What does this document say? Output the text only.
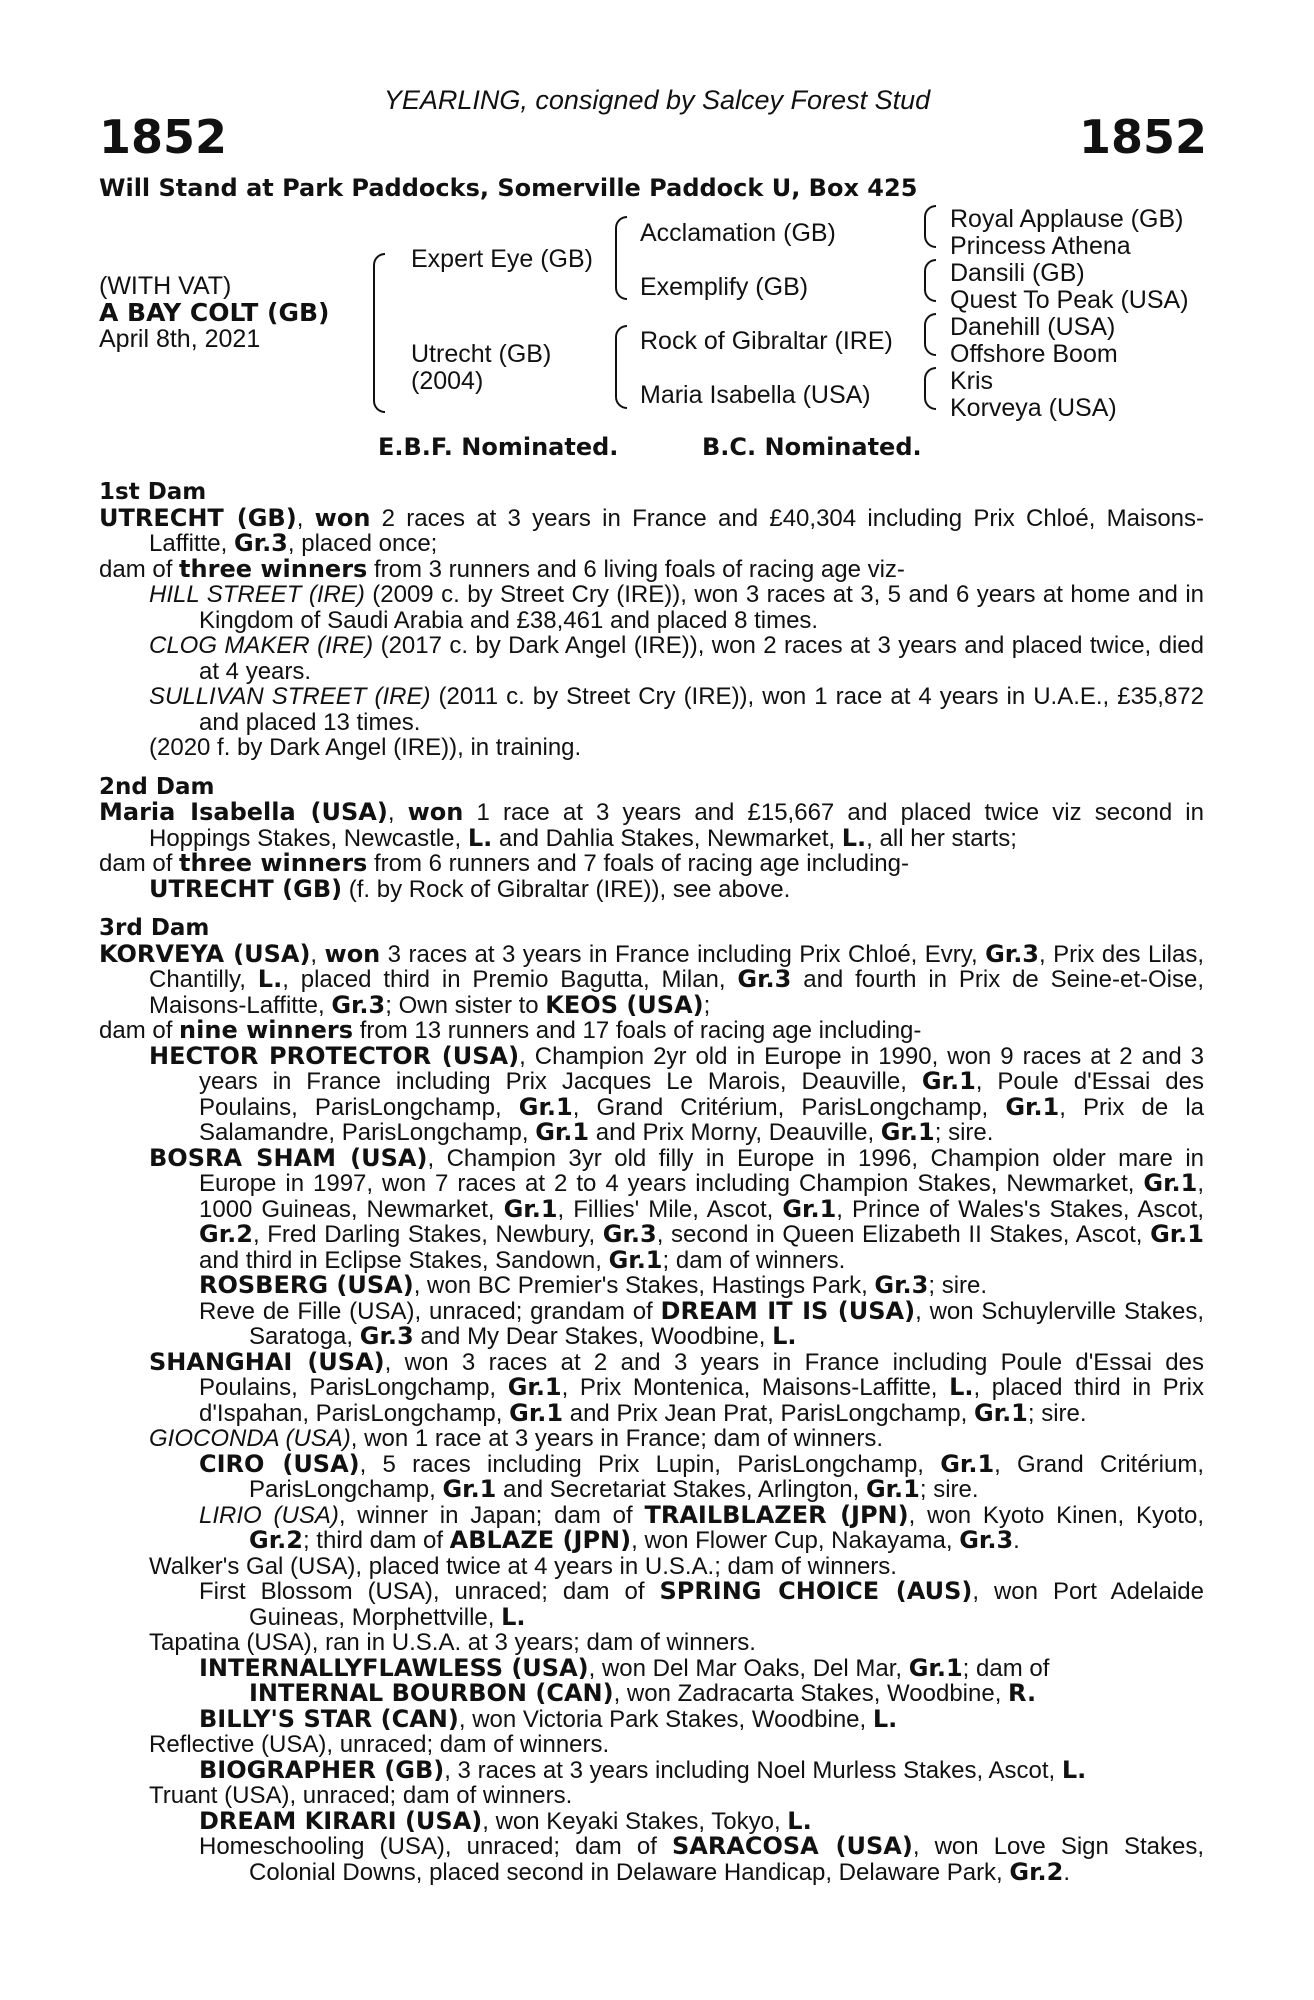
YEARLING, consigned by Salcey Forest Stud
1852	1852
Will Stand at Park Paddocks, Somerville Paddock U, Box 425
(WITH VAT)
A BAY COLT (GB)
April 8th, 2021
Expert Eye (GB)
Utrecht (GB)
(2004)
Acclamation (GB)
Exemplify (GB)
Rock of Gibraltar (IRE)
Maria Isabella (USA)
Royal Applause (GB)
Princess Athena
Dansili (GB)
Quest To Peak (USA)
Danehill (USA)
Offshore Boom
Kris
Korveya (USA)
E.B.F. Nominated.	B.C. Nominated.
1st Dam

UTRECHT (GB), won 2 races at 3 years in France and £40,304 including Prix Chloé, Maisons-Laffitte, Gr.3, placed once;

dam of three winners from 3 runners and 6 living foals of racing age viz-

HILL STREET (IRE) (2009 c. by Street Cry (IRE)), won 3 races at 3, 5 and 6 years at home and in Kingdom of Saudi Arabia and £38,461 and placed 8 times.

CLOG MAKER (IRE) (2017 c. by Dark Angel (IRE)), won 2 races at 3 years and placed twice, died at 4 years.

SULLIVAN STREET (IRE) (2011 c. by Street Cry (IRE)), won 1 race at 4 years in U.A.E., £35,872 and placed 13 times.

(2020 f. by Dark Angel (IRE)), in training.

2nd Dam

Maria Isabella (USA), won 1 race at 3 years and £15,667 and placed twice viz second in Hoppings Stakes, Newcastle, L. and Dahlia Stakes, Newmarket, L., all her starts;

dam of three winners from 6 runners and 7 foals of racing age including-

UTRECHT (GB) (f. by Rock of Gibraltar (IRE)), see above.

3rd Dam

KORVEYA (USA), won 3 races at 3 years in France including Prix Chloé, Evry, Gr.3, Prix des Lilas, Chantilly, L., placed third in Premio Bagutta, Milan, Gr.3 and fourth in Prix de Seine-et-Oise, Maisons-Laffitte, Gr.3; Own sister to KEOS (USA);

dam of nine winners from 13 runners and 17 foals of racing age including-

HECTOR PROTECTOR (USA), Champion 2yr old in Europe in 1990, won 9 races at 2 and 3 years in France including Prix Jacques Le Marois, Deauville, Gr.1, Poule d'Essai des Poulains, ParisLongchamp, Gr.1, Grand Critérium, ParisLongchamp, Gr.1, Prix de la Salamandre, ParisLongchamp, Gr.1 and Prix Morny, Deauville, Gr.1; sire.

BOSRA SHAM (USA), Champion 3yr old filly in Europe in 1996, Champion older mare in Europe in 1997, won 7 races at 2 to 4 years including Champion Stakes, Newmarket, Gr.1, 1000 Guineas, Newmarket, Gr.1, Fillies' Mile, Ascot, Gr.1, Prince of Wales's Stakes, Ascot, Gr.2, Fred Darling Stakes, Newbury, Gr.3, second in Queen Elizabeth II Stakes, Ascot, Gr.1 and third in Eclipse Stakes, Sandown, Gr.1; dam of winners.

ROSBERG (USA), won BC Premier's Stakes, Hastings Park, Gr.3; sire.

Reve de Fille (USA), unraced; grandam of DREAM IT IS (USA), won Schuylerville Stakes, Saratoga, Gr.3 and My Dear Stakes, Woodbine, L.

SHANGHAI (USA), won 3 races at 2 and 3 years in France including Poule d'Essai des Poulains, ParisLongchamp, Gr.1, Prix Montenica, Maisons-Laffitte, L., placed third in Prix d'Ispahan, ParisLongchamp, Gr.1 and Prix Jean Prat, ParisLongchamp, Gr.1; sire.

GIOCONDA (USA), won 1 race at 3 years in France; dam of winners.

CIRO (USA), 5 races including Prix Lupin, ParisLongchamp, Gr.1, Grand Critérium, ParisLongchamp, Gr.1 and Secretariat Stakes, Arlington, Gr.1; sire.

LIRIO (USA), winner in Japan; dam of TRAILBLAZER (JPN), won Kyoto Kinen, Kyoto, Gr.2; third dam of ABLAZE (JPN), won Flower Cup, Nakayama, Gr.3.

Walker's Gal (USA), placed twice at 4 years in U.S.A.; dam of winners.

First Blossom (USA), unraced; dam of SPRING CHOICE (AUS), won Port Adelaide Guineas, Morphettville, L.

Tapatina (USA), ran in U.S.A. at 3 years; dam of winners.

INTERNALLYFLAWLESS (USA), won Del Mar Oaks, Del Mar, Gr.1; dam of

INTERNAL BOURBON (CAN), won Zadracarta Stakes, Woodbine, R.

BILLY'S STAR (CAN), won Victoria Park Stakes, Woodbine, L.

Reflective (USA), unraced; dam of winners.

BIOGRAPHER (GB), 3 races at 3 years including Noel Murless Stakes, Ascot, L.

Truant (USA), unraced; dam of winners.

DREAM KIRARI (USA), won Keyaki Stakes, Tokyo, L.

Homeschooling (USA), unraced; dam of SARACOSA (USA), won Love Sign Stakes, Colonial Downs, placed second in Delaware Handicap, Delaware Park, Gr.2.
